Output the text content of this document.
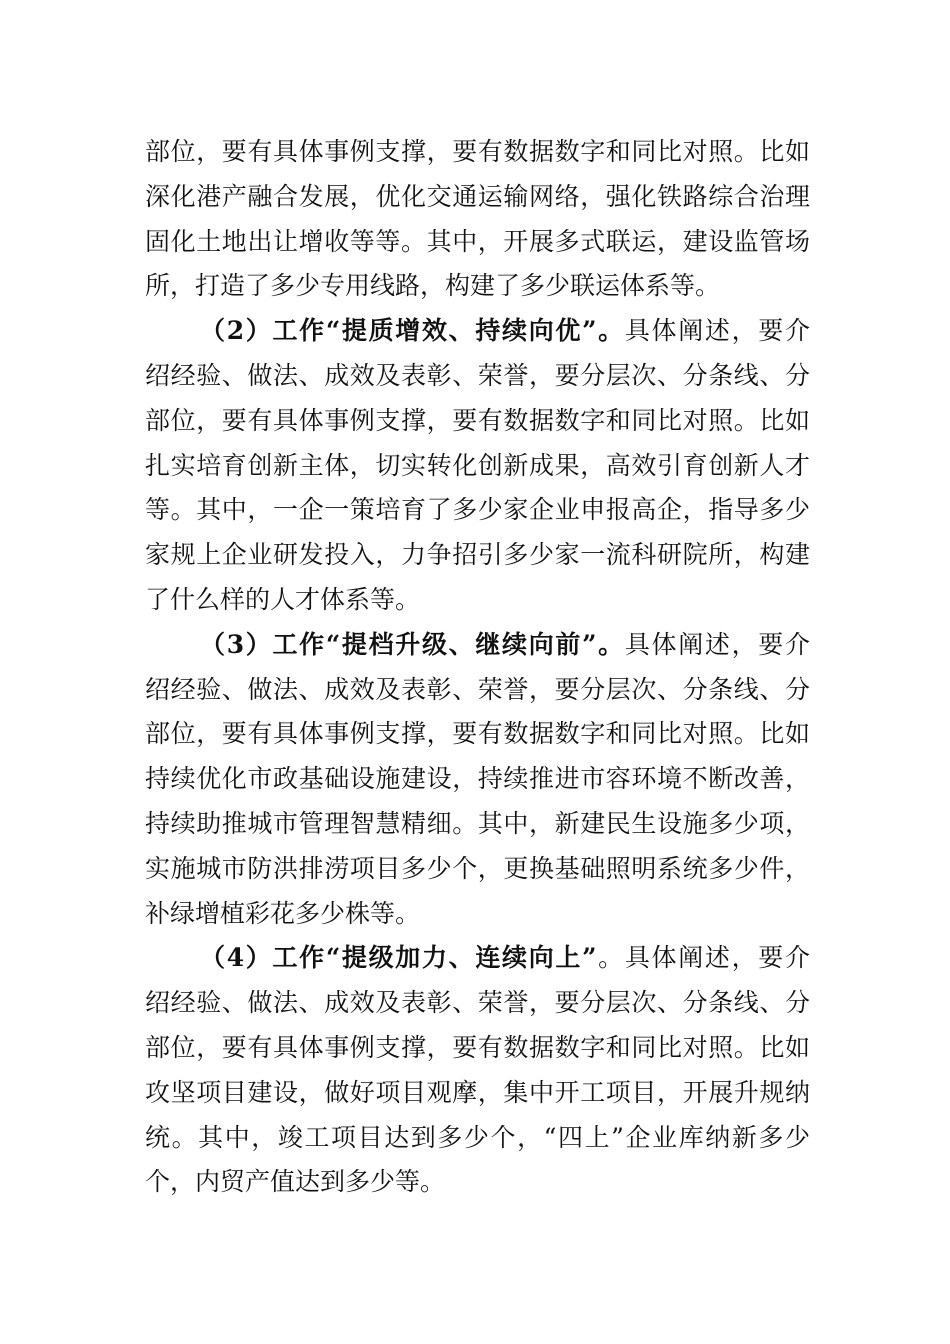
部位，要有具体事例支撑，要有数据数字和同比对照。比如
深化港产融合发展，优化交通运输网络，强化铁路综合治理
固化土地出让增收等等。其中，开展多式联运，建设监管场
所，打造了多少专用线路，构建了多少联运体系等。
（2）工作“提质增效、持续向优”。具体阐述，要介
绍经验、做法、成效及表彰、荣誉，要分层次、分条线、分
部位，要有具体事例支撑，要有数据数字和同比对照。比如
扎实培育创新主体，切实转化创新成果，高效引育创新人才
等。其中，一企一策培育了多少家企业申报高企，指导多少
家规上企业研发投入，力争招引多少家一流科研院所，构建
了什么样的人才体系等。
（3）工作“提档升级、继续向前”。具体阐述，要介
绍经验、做法、成效及表彰、荣誉，要分层次、分条线、分
部位，要有具体事例支撑，要有数据数字和同比对照。比如
持续优化市政基础设施建设，持续推进市容环境不断改善，
持续助推城市管理智慧精细。其中，新建民生设施多少项，
实施城市防洪排涝项目多少个，更换基础照明系统多少件，
补绿增植彩花多少株等。
（4）工作“提级加力、连续向上”。具体阐述，要介
绍经验、做法、成效及表彰、荣誉，要分层次、分条线、分
部位，要有具体事例支撑，要有数据数字和同比对照。比如
攻坚项目建设，做好项目观摩，集中开工项目，开展升规纳
统。其中，竣工项目达到多少个，“四上”企业库纳新多少
个，内贸产值达到多少等。
